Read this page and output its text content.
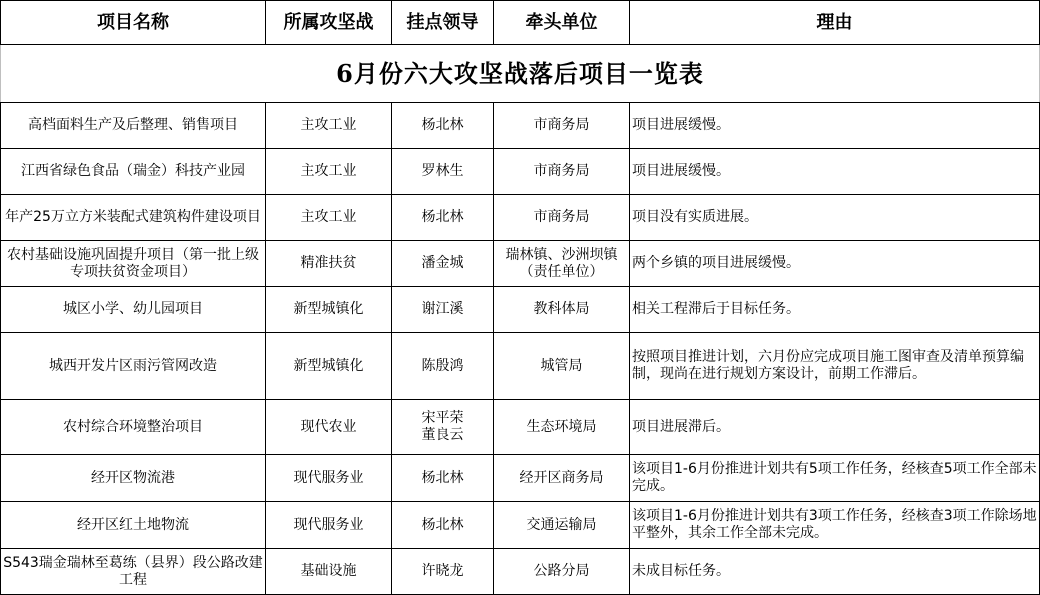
6月份六大攻坚战落后项目一览表				
项目名称	所属攻坚战	挂点领导	牵头单位	理由
高档面料生产及后整理、销售项目	主攻工业	杨北林	市商务局	项目进展缓慢。
江西省绿色食品（瑞金）科技产业园	主攻工业	罗林生	市商务局	项目进展缓慢。
年产25万立方米装配式建筑构件建设项目	主攻工业	杨北林	市商务局	项目没有实质进展。
农村基础设施巩固提升项目（第一批上级专项扶贫资金项目）	精准扶贫	潘金城	瑞林镇、沙洲坝镇（责任单位）	两个乡镇的项目进展缓慢。
城区小学、幼儿园项目	新型城镇化	谢江溪	教科体局	相关工程滞后于目标任务。
城西开发片区雨污管网改造	新型城镇化	陈殷鸿	城管局	按照项目推进计划，六月份应完成项目施工图审查及清单预算编制，现尚在进行规划方案设计，前期工作滞后。
农村综合环境整治项目	现代农业	宋平荣董良云	生态环境局	项目进展滞后。
经开区物流港	现代服务业	杨北林	经开区商务局	该项目1-6月份推进计划共有5项工作任务，经核查5项工作全部未完成。
经开区红土地物流	现代服务业	杨北林	交通运输局	该项目1-6月份推进计划共有3项工作任务，经核查3项工作除场地平整外，其余工作全部未完成。
S543瑞金瑞林至葛练（县界）段公路改建工程	基础设施	许晓龙	公路分局	未成目标任务。
